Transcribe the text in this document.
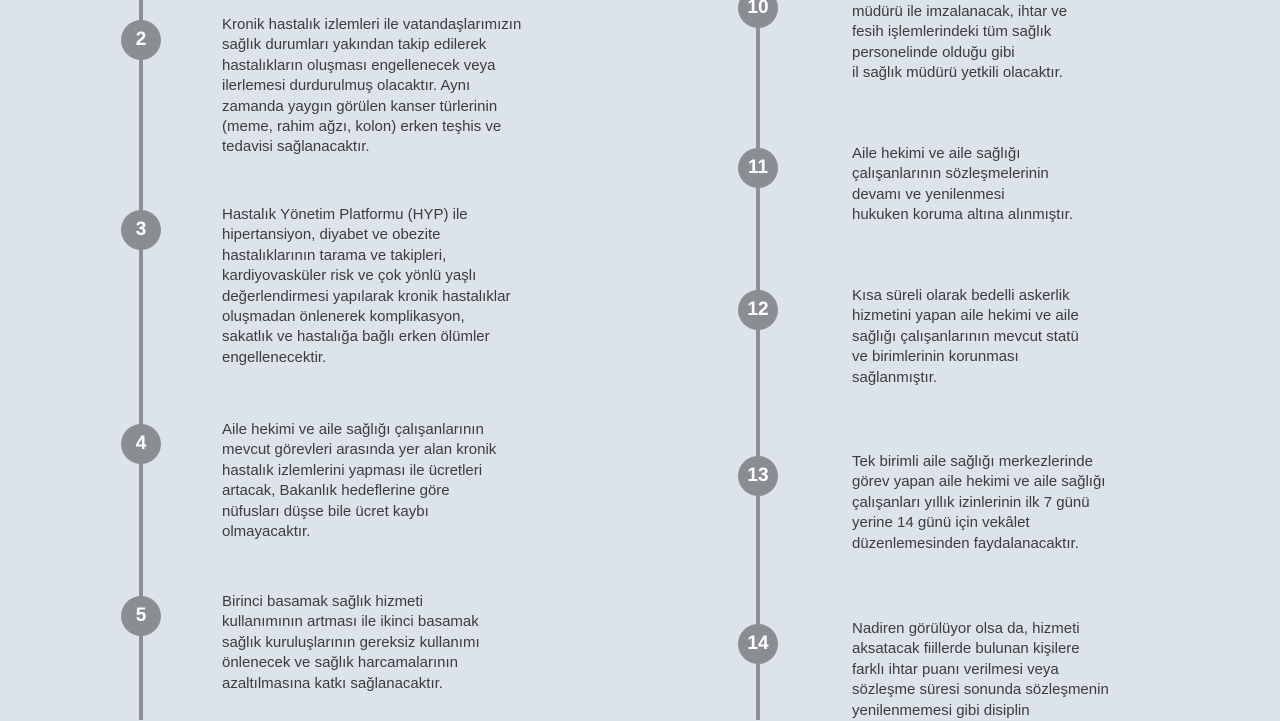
2

Kronik hastalık izlemleri ile vatandaşlarımızın
sağlık durumları yakından takip edilerek
hastalıkların oluşması engellenecek veya
ilerlemesi durdurulmuş olacaktır. Aynı
zamanda yaygın görülen kanser türlerinin
(meme, rahim ağzı, kolon) erken teşhis ve
tedavisi sağlanacaktır.

3

Hastalık Yönetim Platformu (HYP) ile
hipertansiyon, diyabet ve obezite
hastalıklarının tarama ve takipleri,
kardiyovasküler risk ve çok yönlü yaşlı
değerlendirmesi yapılarak kronik hastalıklar
oluşmadan önlenerek komplikasyon,
sakatlık ve hastalığa bağlı erken ölümler
engellenecektir.

4

Aile hekimi ve aile sağlığı çalışanlarının
mevcut görevleri arasında yer alan kronik
hastalık izlemlerini yapması ile ücretleri
artacak, Bakanlık hedeflerine göre
nüfusları düşse bile ücret kaybı
olmayacaktır.

5

Birinci basamak sağlık hizmeti
kullanımının artması ile ikinci basamak
sağlık kuruluşlarının gereksiz kullanımı
önlenecek ve sağlık harcamalarının
azaltılmasına katkı sağlanacaktır.

10	müdürü ile imzalanacak, ihtar ve
fesih işlemlerindeki tüm sağlık
personelinde olduğu gibi
il sağlık müdürü yetkili olacaktır.

11

Aile hekimi ve aile sağlığı
çalışanlarının sözleşmelerinin
devamı ve yenilenmesi
hukuken koruma altına alınmıştır.

12

Kısa süreli olarak bedelli askerlik
hizmetini yapan aile hekimi ve aile
sağlığı çalışanlarının mevcut statü
ve birimlerinin korunması
sağlanmıştır.

13

Tek birimli aile sağlığı merkezlerinde
görev yapan aile hekimi ve aile sağlığı
çalışanları yıllık izinlerinin ilk 7 günü
yerine 14 günü için vekâlet
düzenlemesinden faydalanacaktır.

14

Nadiren görülüyor olsa da, hizmeti
aksatacak fiillerde bulunan kişilere
farklı ihtar puanı verilmesi veya
sözleşme süresi sonunda sözleşmenin
yenilenmemesi gibi disiplin
